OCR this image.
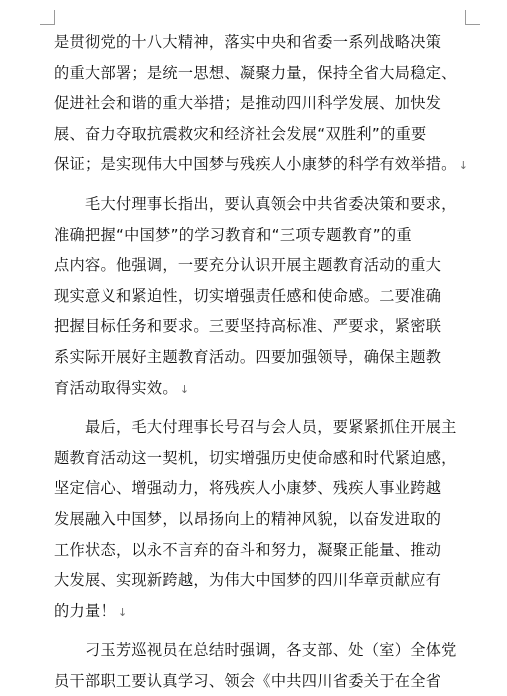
是贯彻党的十八大精神，落实中央和省委一系列战略决策
的重大部署；是统一思想、凝聚力量，保持全省大局稳定、
促进社会和谐的重大举措；是推动四川科学发展、加快发
展、奋力夺取抗震救灾和经济社会发展“双胜利”的重要
保证；是实现伟大中国梦与残疾人小康梦的科学有效举措。 ↓
　　毛大付理事长指出，要认真领会中共省委决策和要求，
准确把握“中国梦”的学习教育和“三项专题教育”的重
点内容。他强调，一要充分认识开展主题教育活动的重大
现实意义和紧迫性，切实增强责任感和使命感。二要准确
把握目标任务和要求。三要坚持高标准、严要求，紧密联
系实际开展好主题教育活动。四要加强领导，确保主题教
育活动取得实效。 ↓
　　最后，毛大付理事长号召与会人员，要紧紧抓住开展主
题教育活动这一契机，切实增强历史使命感和时代紧迫感，
坚定信心、增强动力，将残疾人小康梦、残疾人事业跨越
发展融入中国梦，以昂扬向上的精神风貌，以奋发进取的
工作状态，以永不言弃的奋斗和努力，凝聚正能量、推动
大发展、实现新跨越，为伟大中国梦的四川华章贡献应有
的力量！ ↓
　　刁玉芳巡视员在总结时强调，各支部、处（室）全体党
员干部职工要认真学习、领会《中共四川省委关于在全省
